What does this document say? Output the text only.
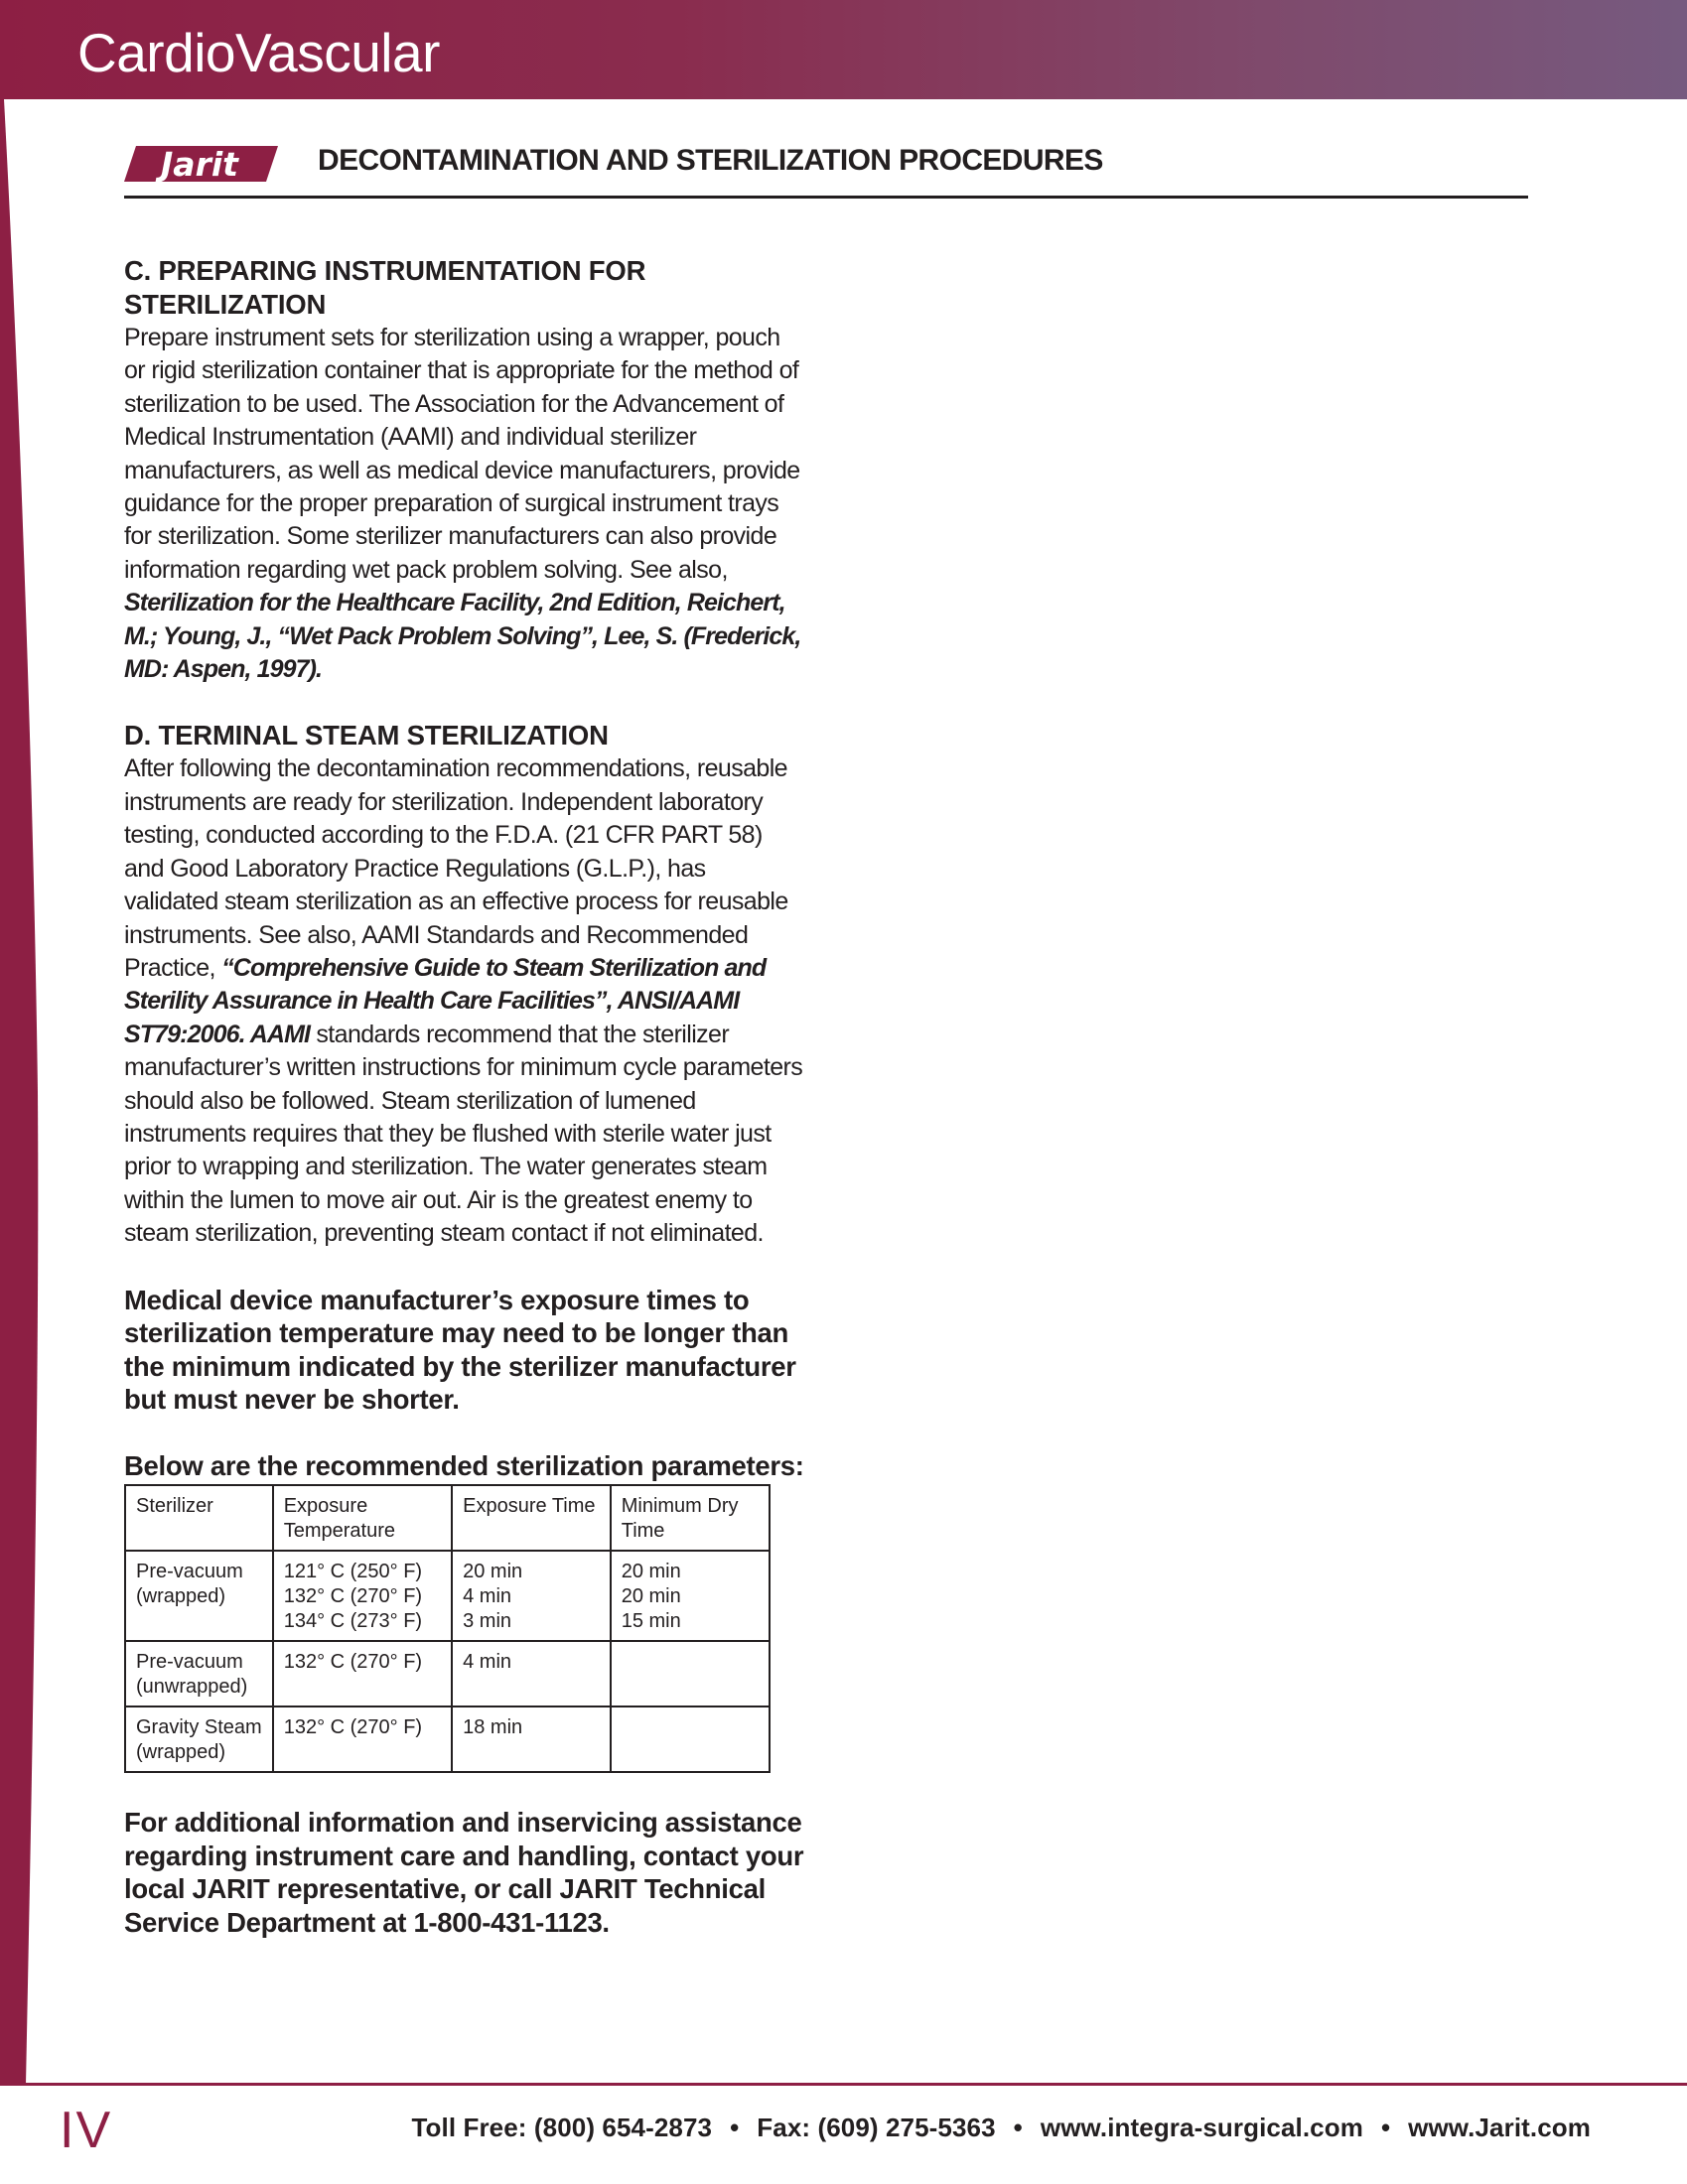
CardioVascular
Jarit	DECONTAMINATION AND STERILIZATION PROCEDURES
C. PREPARING INSTRUMENTATION FOR
STERILIZATION

Prepare instrument sets for sterilization using a wrapper, pouch or rigid sterilization container that is appropriate for the method of sterilization to be used. The Association for the Advancement of Medical Instrumentation (AAMI) and individual sterilizer manufacturers, as well as medical device manufacturers, provide guidance for the proper preparation of surgical instrument trays for sterilization. Some sterilizer manufacturers can also provide information regarding wet pack problem solving. See also, Sterilization for the Healthcare Facility, 2nd Edition, Reichert, M.; Young, J., “Wet Pack Problem Solving”, Lee, S. (Frederick, MD: Aspen, 1997).

D. TERMINAL STEAM STERILIZATION

After following the decontamination recommendations, reusable instruments are ready for sterilization. Independent laboratory testing, conducted according to the F.D.A. (21 CFR PART 58) and Good Laboratory Practice Regulations (G.L.P.), has validated steam sterilization as an effective process for reusable instruments. See also, AAMI Standards and Recommended Practice, “Comprehensive Guide to Steam Sterilization and Sterility Assurance in Health Care Facilities”, ANSI/AAMI ST79:2006. AAMI standards recommend that the sterilizer manufacturer’s written instructions for minimum cycle parameters should also be followed. Steam sterilization of lumened instruments requires that they be flushed with sterile water just prior to wrapping and sterilization. The water generates steam within the lumen to move air out. Air is the greatest enemy to steam sterilization, preventing steam contact if not eliminated.

Medical device manufacturer’s exposure times to sterilization temperature may need to be longer than the minimum indicated by the sterilizer manufacturer but must never be shorter.
Below are the recommended sterilization parameters:
Sterilizer	Exposure Temperature	Exposure Time	Minimum Dry Time

Pre-vacuum
(wrapped)	121° C (250° F)
132° C (270° F)
134° C (273° F)	20 min
4 min
3 min	20 min
20 min
15 min

Pre-vacuum
(unwrapped)	132° C (270° F)	4 min	

Gravity Steam
(wrapped)	132° C (270° F)	18 min	

For additional information and inservicing assistance regarding instrument care and handling, contact your local JARIT representative, or call JARIT Technical Service Department at 1-800-431-1123.
IV	Toll Free: (800) 654-2873 • Fax: (609) 275-5363 • www.integra-surgical.com • www.Jarit.com
